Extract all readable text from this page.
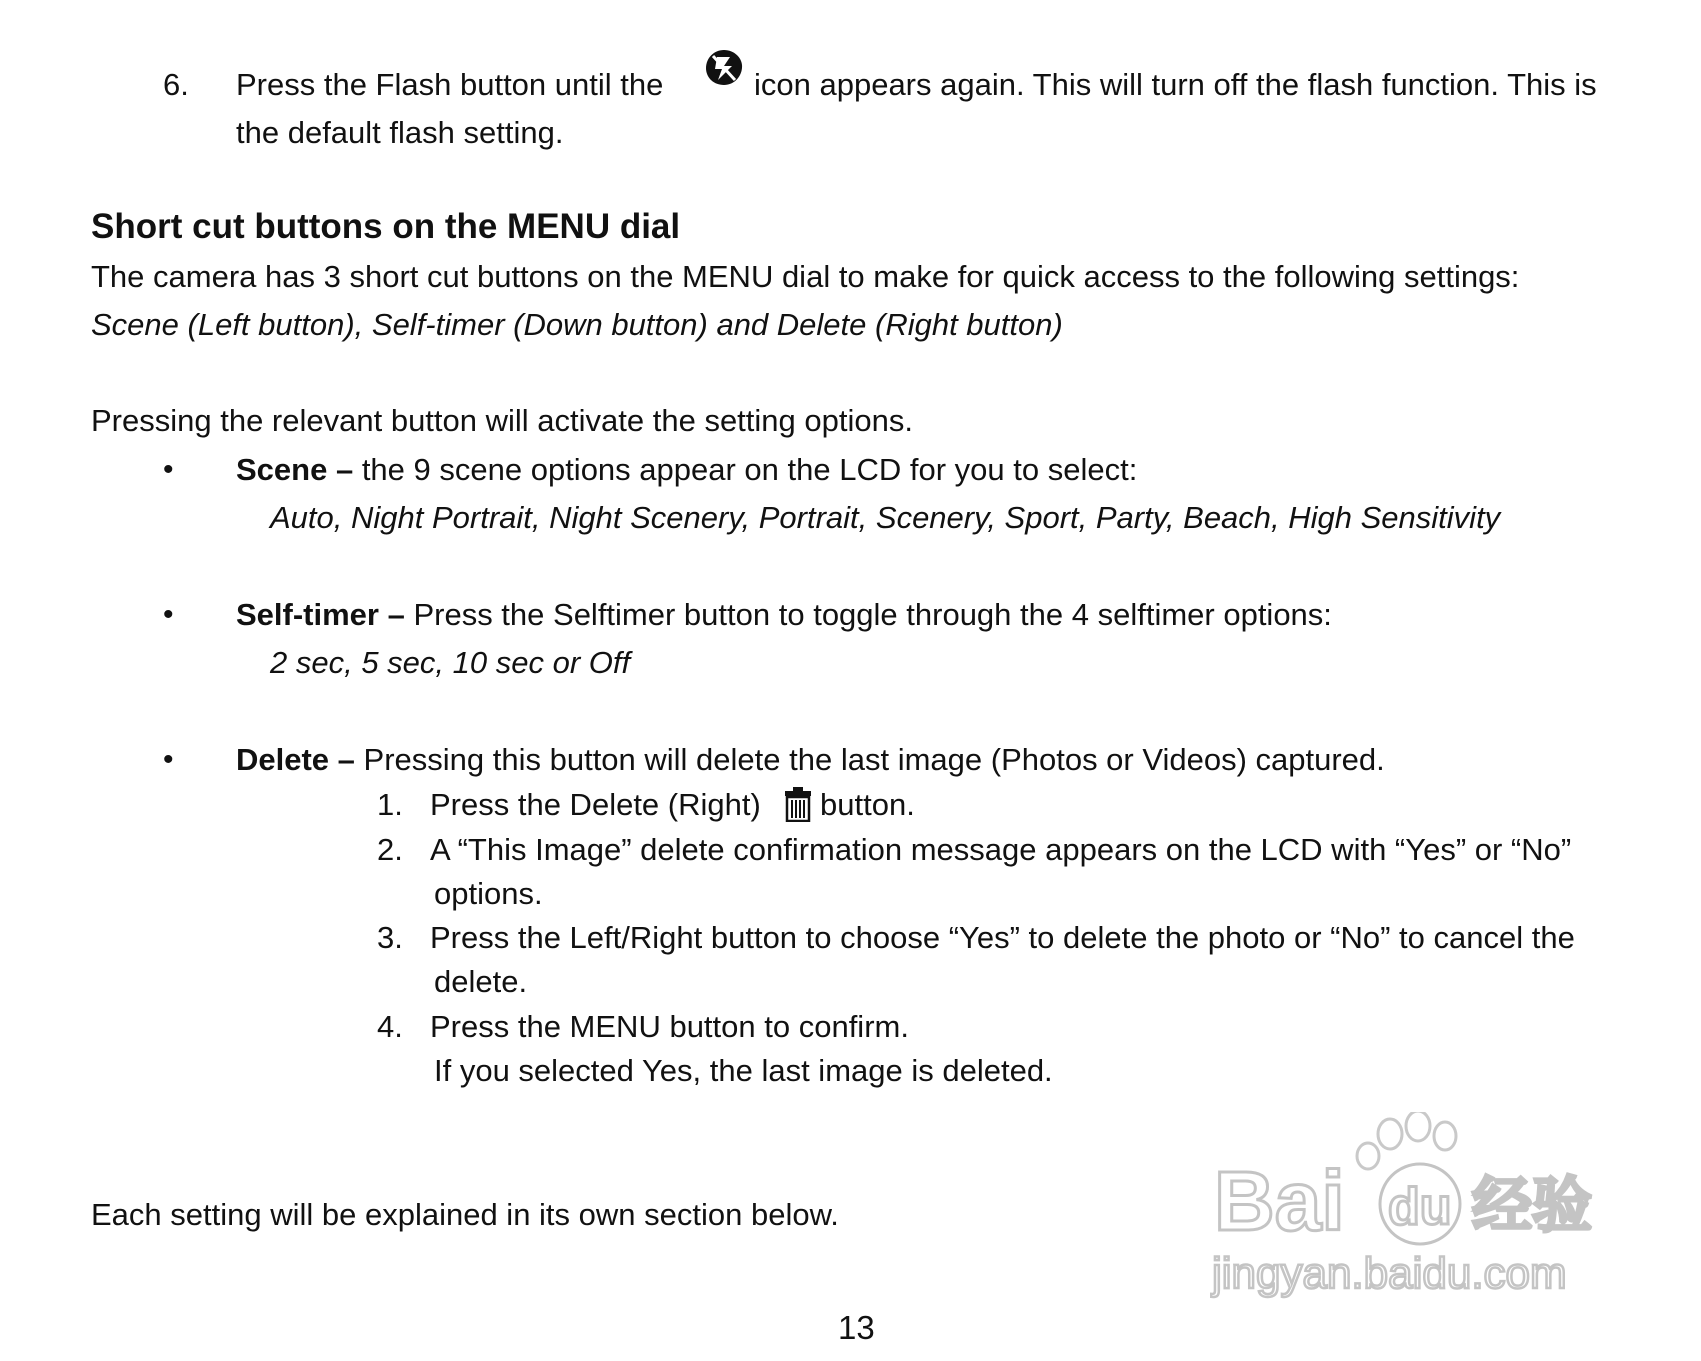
6.	Press the Flash button until the	icon appears again. This will turn off the flash function. This is
the default flash setting.
Short cut buttons on the MENU dial
The camera has 3 short cut buttons on the MENU dial to make for quick access to the following settings:
Scene (Left button), Self-timer (Down button) and Delete (Right button)
Pressing the relevant button will activate the setting options.
• Scene – the 9 scene options appear on the LCD for you to select:
Auto, Night Portrait, Night Scenery, Portrait, Scenery, Sport, Party, Beach, High Sensitivity
• Self-timer – Press the Selftimer button to toggle through the 4 selftimer options:
2 sec, 5 sec, 10 sec or Off
• Delete – Pressing this button will delete the last image (Photos or Videos) captured.
1. Press the Delete (Right) button.
2. A “This Image” delete confirmation message appears on the LCD with “Yes” or “No”
options.
3. Press the Left/Right button to choose “Yes” to delete the photo or “No” to cancel the
delete.
4. Press the MENU button to confirm.
If you selected Yes, the last image is deleted.
Each setting will be explained in its own section below.
13
Bai du 经验
jingyan.baidu.com
